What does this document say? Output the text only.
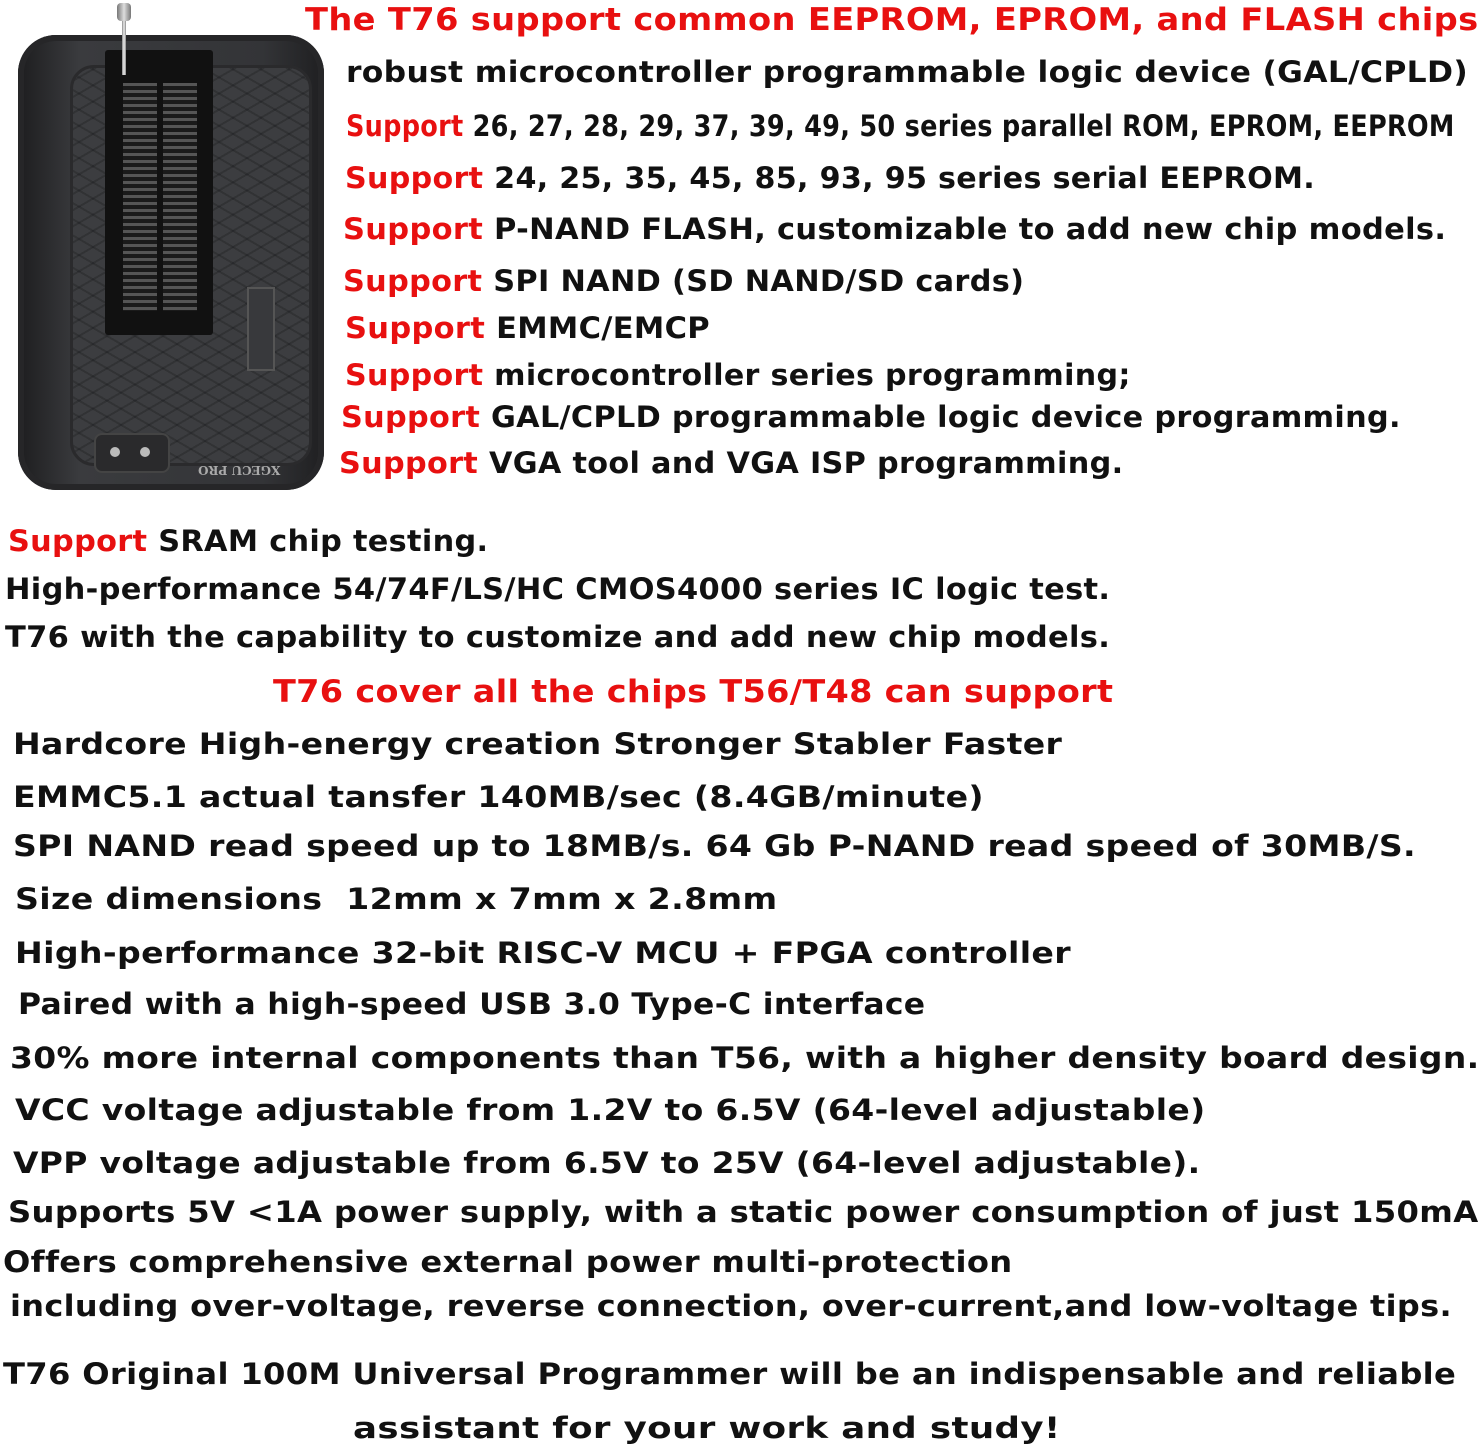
XGECU PRO
The T76 support common EEPROM, EPROM, and FLASH chips
robust microcontroller programmable logic device (GAL/CPLD)
Support 26, 27, 28, 29, 37, 39, 49, 50 series parallel ROM, EPROM, EEPROM
Support 24, 25, 35, 45, 85, 93, 95 series serial EEPROM.
Support P-NAND FLASH, customizable to add new chip models.
Support SPI NAND (SD NAND/SD cards)
Support EMMC/EMCP
Support microcontroller series programming;
Support GAL/CPLD programmable logic device programming.
Support VGA tool and VGA ISP programming.
Support SRAM chip testing.
High-performance 54/74F/LS/HC CMOS4000 series IC logic test.
T76 with the capability to customize and add new chip models.
T76 cover all the chips T56/T48 can support
Hardcore High-energy creation Stronger Stabler Faster
EMMC5.1 actual tansfer 140MB/sec (8.4GB/minute)
SPI NAND read speed up to 18MB/s. 64 Gb P-NAND read speed of 30MB/S.
Size dimensions  12mm x 7mm x 2.8mm
High-performance 32-bit RISC-V MCU + FPGA controller
Paired with a high-speed USB 3.0 Type-C interface
30% more internal components than T56, with a higher density board design.
VCC voltage adjustable from 1.2V to 6.5V (64-level adjustable)
VPP voltage adjustable from 6.5V to 25V (64-level adjustable).
Supports 5V <1A power supply, with a static power consumption of just 150mA
Offers comprehensive external power multi-protection
including over-voltage, reverse connection, over-current,and low-voltage tips.
T76 Original 100M Universal Programmer will be an indispensable and reliable
assistant for your work and study!
